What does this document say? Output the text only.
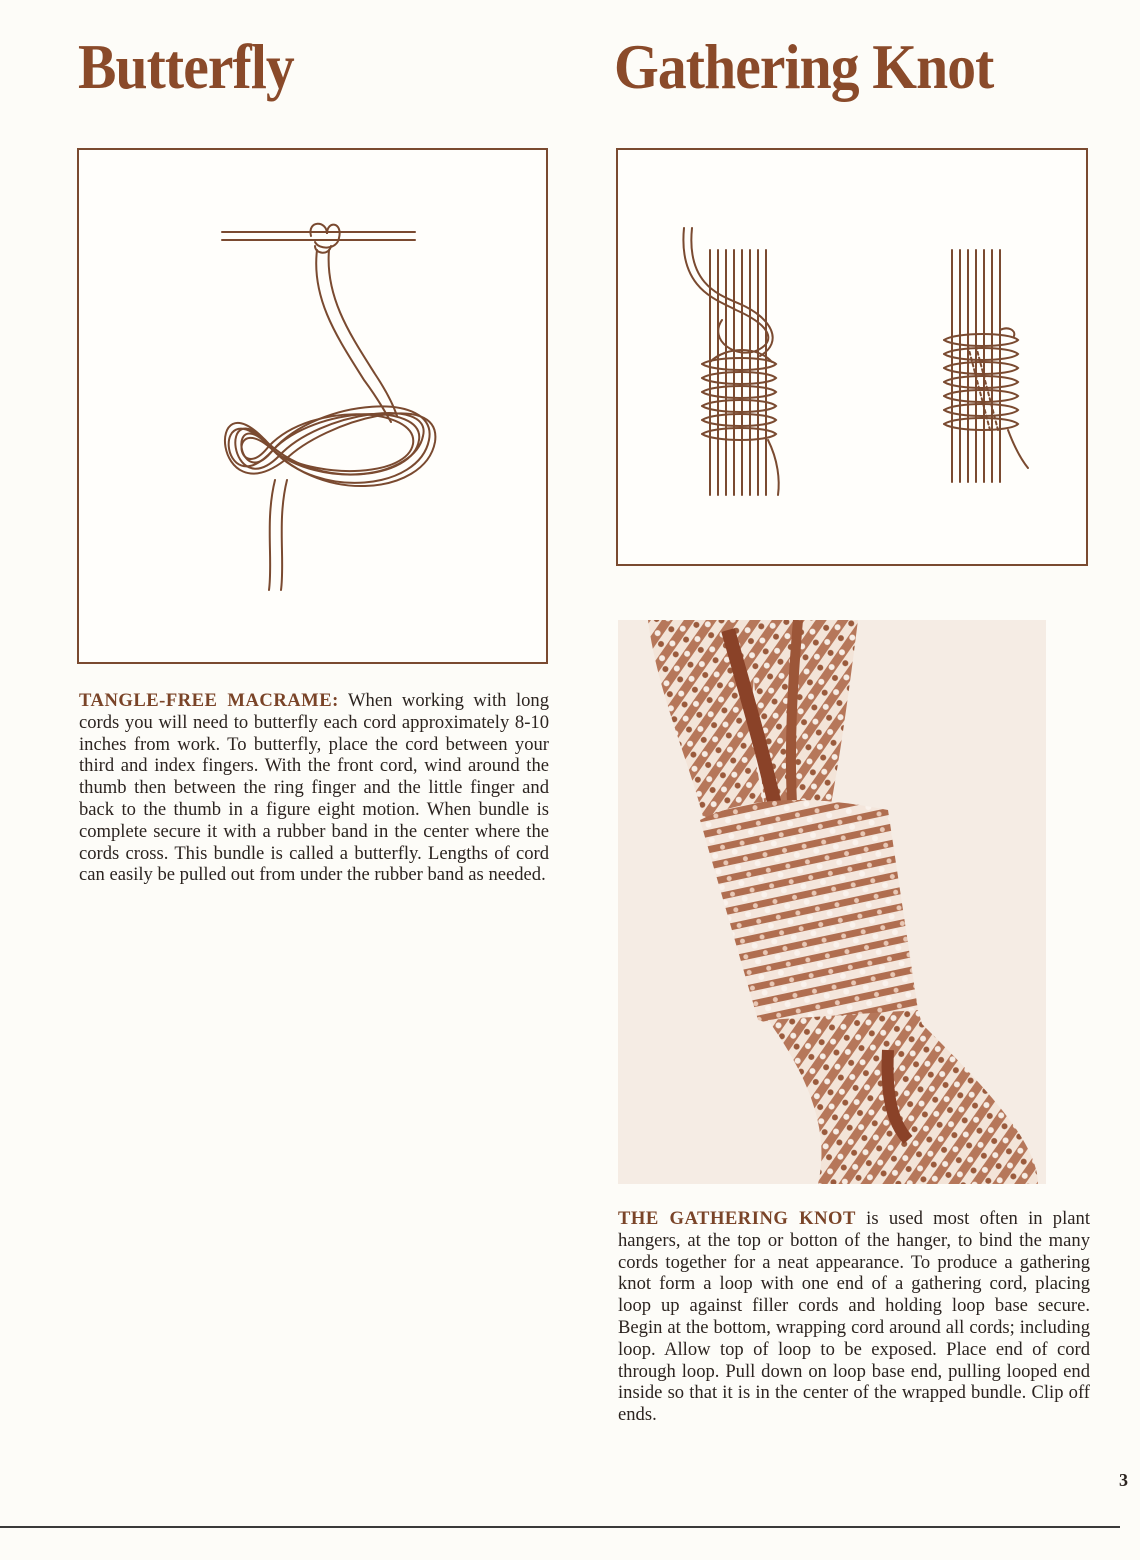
Butterfly	Gathering Knot

TANGLE-FREE MACRAME: When working with long cords you will need to butterfly each cord approximately 8-10 inches from work. To butterfly, place the cord between your third and index fingers. With the front cord, wind around the thumb then between the ring finger and the little finger and back to the thumb in a figure eight motion. When bundle is complete secure it with a rubber band in the center where the cords cross. This bundle is called a butterfly. Lengths of cord can easily be pulled out from under the rubber band as needed.

THE GATHERING KNOT is used most often in plant hangers, at the top or botton of the hanger, to bind the many cords together for a neat appearance. To produce a gathering knot form a loop with one end of a gathering cord, placing loop up against filler cords and holding loop base secure. Begin at the bottom, wrapping cord around all cords; including loop. Allow top of loop to be exposed. Place end of cord through loop. Pull down on loop base end, pulling looped end inside so that it is in the center of the wrapped bundle. Clip off ends.

3
